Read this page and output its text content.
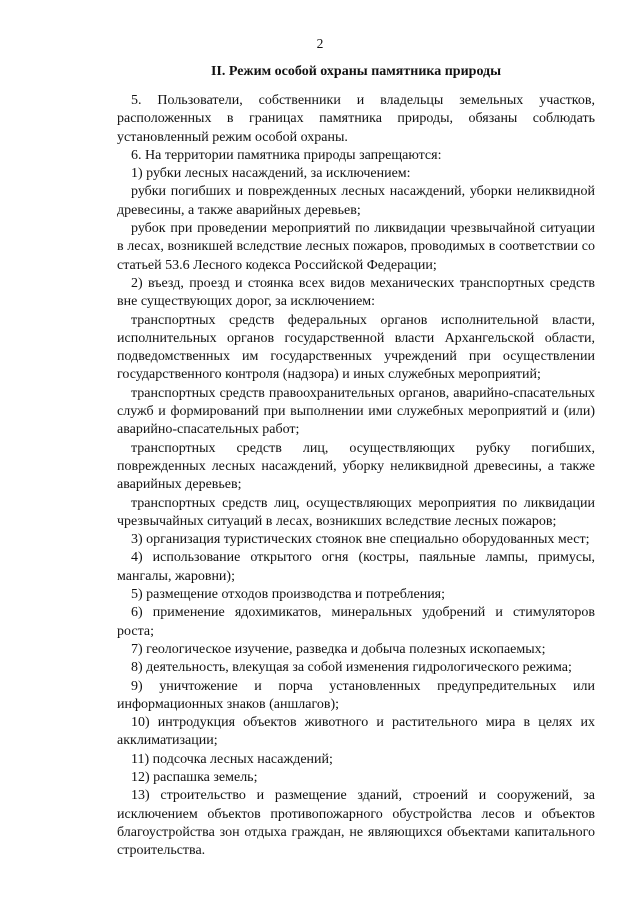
2
II. Режим особой охраны памятника природы

5. Пользователи, собственники и владельцы земельных участков, расположенных в границах памятника природы, обязаны соблюдать установленный режим особой охраны.

6. На территории памятника природы запрещаются:

1) рубки лесных насаждений, за исключением:

рубки погибших и поврежденных лесных насаждений, уборки неликвидной древесины, а также аварийных деревьев;

рубок при проведении мероприятий по ликвидации чрезвычайной ситуации в лесах, возникшей вследствие лесных пожаров, проводимых в соответствии со статьей 53.6 Лесного кодекса Российской Федерации;

2) въезд, проезд и стоянка всех видов механических транспортных средств вне существующих дорог, за исключением:

транспортных средств федеральных органов исполнительной власти, исполнительных органов государственной власти Архангельской области, подведомственных им государственных учреждений при осуществлении государственного контроля (надзора) и иных служебных мероприятий;

транспортных средств правоохранительных органов, аварийно-спасательных служб и формирований при выполнении ими служебных мероприятий и (или) аварийно-спасательных работ;

транспортных средств лиц, осуществляющих рубку погибших, поврежденных лесных насаждений, уборку неликвидной древесины, а также аварийных деревьев;

транспортных средств лиц, осуществляющих мероприятия по ликвидации чрезвычайных ситуаций в лесах, возникших вследствие лесных пожаров;

3) организация туристических стоянок вне специально оборудованных мест;

4) использование открытого огня (костры, паяльные лампы, примусы, мангалы, жаровни);

5) размещение отходов производства и потребления;

6) применение ядохимикатов, минеральных удобрений и стимуляторов роста;

7) геологическое изучение, разведка и добыча полезных ископаемых;

8) деятельность, влекущая за собой изменения гидрологического режима;

9) уничтожение и порча установленных предупредительных или информационных знаков (аншлагов);

10) интродукция объектов животного и растительного мира в целях их акклиматизации;

11) подсочка лесных насаждений;

12) распашка земель;

13) строительство и размещение зданий, строений и сооружений, за исключением объектов противопожарного обустройства лесов и объектов благоустройства зон отдыха граждан, не являющихся объектами капитального строительства.
